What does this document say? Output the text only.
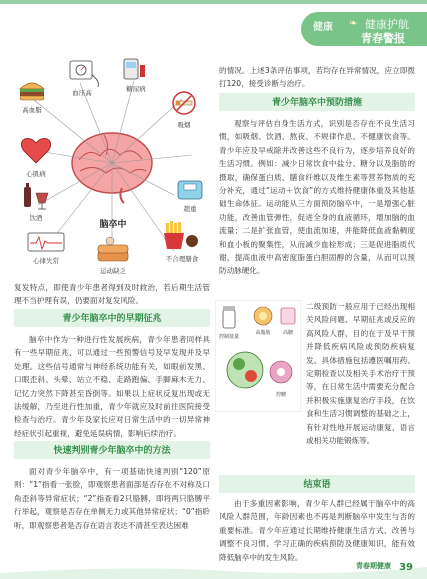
健康 ❧ 健康护航
青春警报
脑卒中
高血脂
血压高	糖尿病
吸烟
心肌病
饮酒
超重
心律失常	不合理膳食
运动缺乏
复发特点，即使青少年患者得到及时救治，若后期生活管理不当护理有误，仍要面对复发风险。
青少年脑卒中的早期征兆
脑卒中作为一种进行性发展疾病，青少年患者同样具有一些早期征兆，可以通过一些预警信号及早发现并及早处理。这些信号通常与神经系统功能有关，如眼前发黑、口眼歪斜、头晕、站立不稳、走路跑偏、手脚麻木无力、记忆力突然下降甚至昏倒等。如果以上症状反复出现或无法缓解，乃至进行性加重，青少年就应及时前往医院接受检查与治疗。青少年及家长应对日常生活中的一切异常神经症状引起重视，避免延误病情，影响后续治疗。
快速判别青少年脑卒中的方法
面对青少年脑卒中，有一项基础快速判别“120”原则：“1”指看一张脸，即观察患者面部是否存在不对称及口角歪斜等异常症状；“2”指查看2只胳膊，即将两只胳膊平行举起，观察是否存在单侧无力或其他异常症状；“0”指聆听，即观察患者是否存在语言表达不清甚至表达困难
的情况。上述3条评估事项，若均存在异常情况，应立即拨打120，接受诊断与治疗。
青少年脑卒中预防措施
观察与评估自身生活方式，识别是否存在不良生活习惯，如吸烟、饮酒、熬夜、不规律作息、不健康饮食等。青少年应及早戒除并改善这些不良行为，逐步培养良好的生活习惯。例如：减少日常饮食中盐分、糖分以及脂肪的摄取，确保蛋白质、膳食纤维以及维生素等营养物质的充分补充，通过“运动＋饮食”的方式维持健康体重及其他基础生命体征。运动能从三方面预防脑卒中，一是增强心脏功能，改善血管弹性，促进全身的血液循环，增加脑的血流量；二是扩张血管，使血流加速，并能降低血液黏稠度和血小板的聚集性，从而减少血栓形成；三是促进脂质代谢，提高血液中高密度脂蛋白胆固醇的含量，从而可以预防动脉硬化。
控制盐量
高脂肪 高糖
控糖
二级预防一般应用于已经出现相关风险问题、早期征兆或反应的高风险人群，目的在于及早干预并降低疾病风险或预防疾病复发。具体措施包括遵医嘱用药、定期检查以及相关手术治疗干预等，在日常生活中需要充分配合并积极实施康复治疗手段，在饮食和生活习惯调整的基础之上，有针对性地开展运动康复、语言或相关功能锻炼等。
结束语
由于多重因素影响，青少年人群已经属于脑卒中的高风险人群范围，年龄因素也不再是判断脑卒中发生与否的重要标准。青少年应通过长期维持健康生活方式、改善与调整不良习惯、学习正确的疾病预防及健康知识，能有效降低脑卒中的发生风险。
青春期健康 39
